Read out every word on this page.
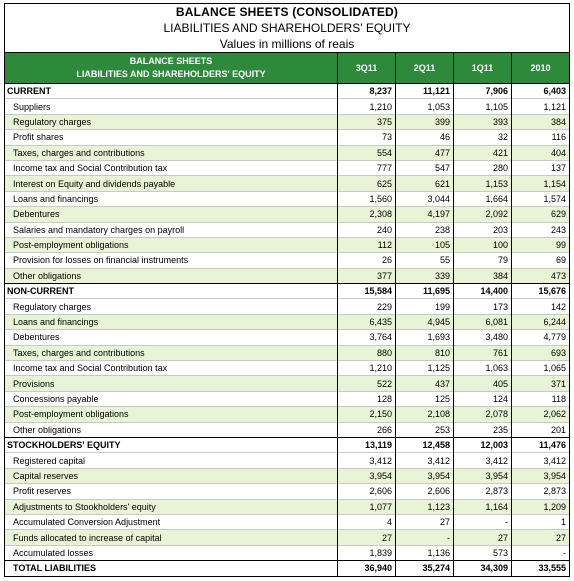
BALANCE SHEETS (CONSOLIDATED)
LIABILITIES AND SHAREHOLDERS' EQUITY
Values in millions of reais
BALANCE SHEETS
LIABILITIES AND SHAREHOLDERS' EQUITY	3Q11	2Q11	1Q11	2010
CURRENT	8,237	11,121	7,906	6,403
Suppliers	1,210	1,053	1,105	1,121
Regulatory charges	375	399	393	384
Profit shares	73	46	32	116
Taxes, charges and contributions	554	477	421	404
Income tax and Social Contribution tax	777	547	280	137
Interest on Equity and dividends payable	625	621	1,153	1,154
Loans and financings	1,560	3,044	1,664	1,574
Debentures	2,308	4,197	2,092	629
Salaries and mandatory charges on payroll	240	238	203	243
Post-employment obligations	112	105	100	99
Provision for losses on financial instruments	26	55	79	69
Other obligations	377	339	384	473
NON-CURRENT	15,584	11,695	14,400	15,676
Regulatory charges	229	199	173	142
Loans and financings	6,435	4,945	6,081	6,244
Debentures	3,764	1,693	3,480	4,779
Taxes, charges and contributions	880	810	761	693
Income tax and Social Contribution tax	1,210	1,125	1,063	1,065
Provisions	522	437	405	371
Concessions payable	128	125	124	118
Post-employment obligations	2,150	2,108	2,078	2,062
Other obligations	266	253	235	201
STOCKHOLDERS' EQUITY	13,119	12,458	12,003	11,476
Registered capital	3,412	3,412	3,412	3,412
Capital reserves	3,954	3,954	3,954	3,954
Profit reserves	2,606	2,606	2,873	2,873
Adjustments to Stookholders' equity	1,077	1,123	1,164	1,209
Accumulated Conversion Adjustment	4	27	-	1
Funds allocated to increase of capital	27	-	27	27
Accumulated losses	1,839	1,136	573	-
TOTAL LIABILITIES	36,940	35,274	34,309	33,555
